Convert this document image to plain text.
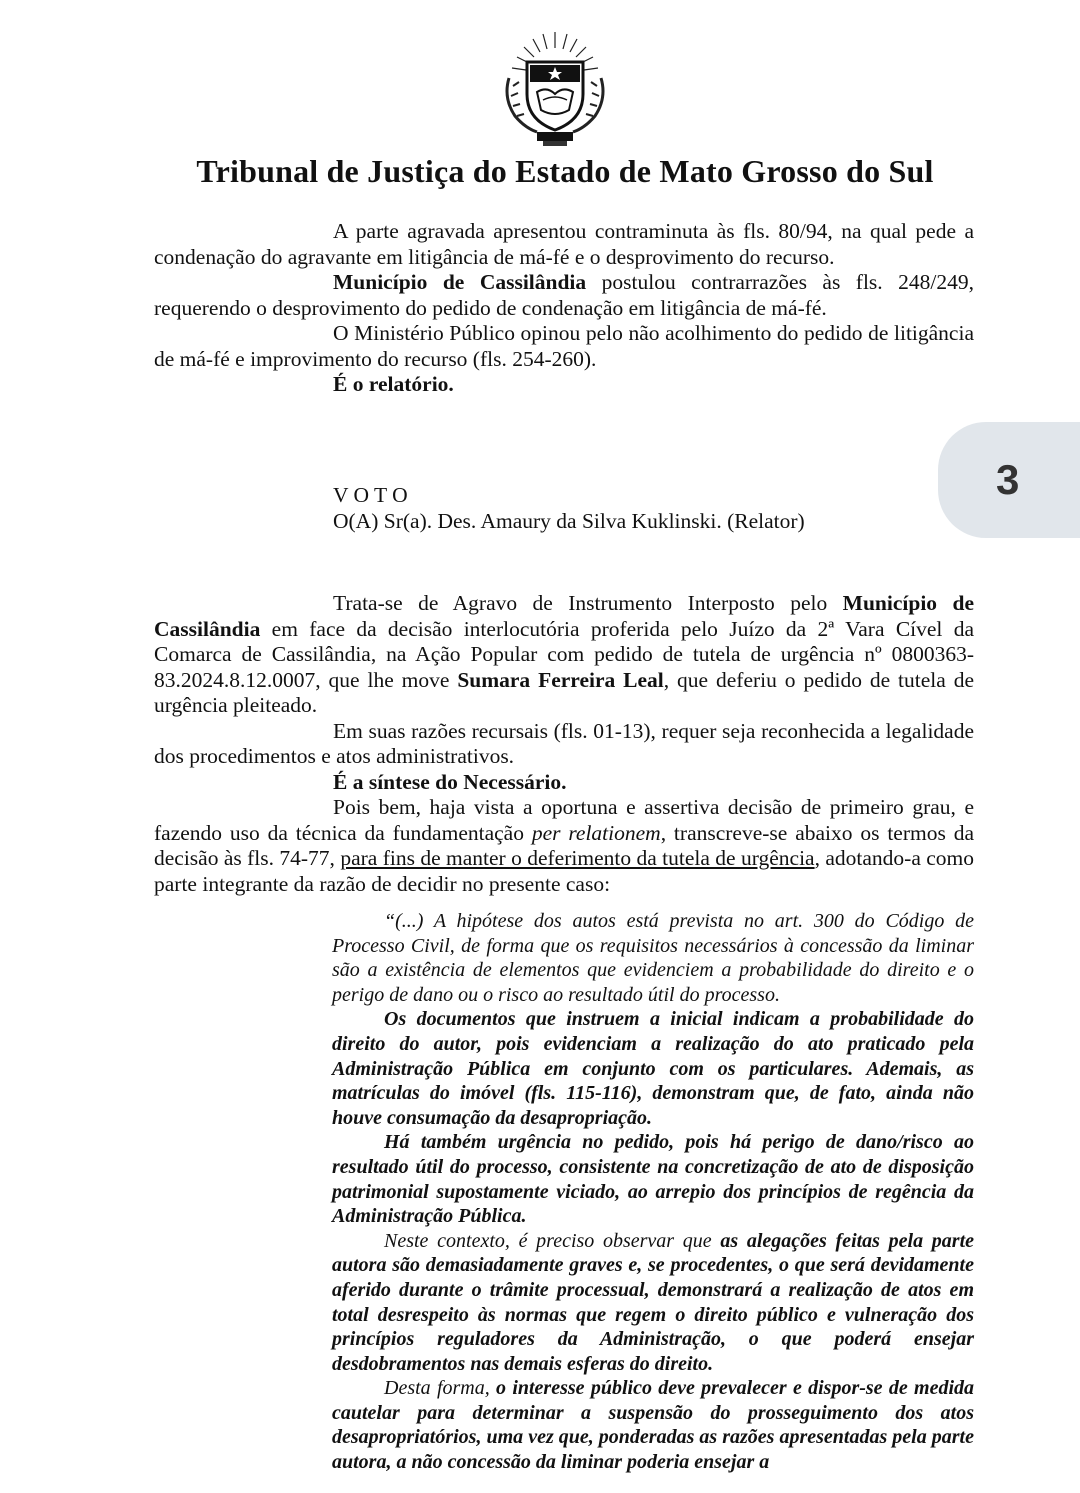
Tribunal de Justiça do Estado de Mato Grosso do Sul
3

A parte agravada apresentou contraminuta às fls. 80/94, na qual pede a condenação do agravante em litigância de má-fé e o desprovimento do recurso.

Município de Cassilândia postulou contrarrazões às fls. 248/249, requerendo o desprovimento do pedido de condenação em litigância de má-fé.

O Ministério Público opinou pelo não acolhimento do pedido de litigância de má-fé e improvimento do recurso (fls. 254-260).

É o relatório.

V O T O

O(A) Sr(a). Des. Amaury da Silva Kuklinski. (Relator)

Trata-se de Agravo de Instrumento Interposto pelo Município de Cassilândia em face da decisão interlocutória proferida pelo Juízo da 2ª Vara Cível da Comarca de Cassilândia, na Ação Popular com pedido de tutela de urgência nº 0800363-83.2024.8.12.0007, que lhe move Sumara Ferreira Leal, que deferiu o pedido de tutela de urgência pleiteado.

Em suas razões recursais (fls. 01-13), requer seja reconhecida a legalidade dos procedimentos e atos administrativos.

É a síntese do Necessário.

Pois bem, haja vista a oportuna e assertiva decisão de primeiro grau, e fazendo uso da técnica da fundamentação per relationem, transcreve-se abaixo os termos da decisão às fls. 74-77, para fins de manter o deferimento da tutela de urgência, adotando-a como parte integrante da razão de decidir no presente caso:

“(...) A hipótese dos autos está prevista no art. 300 do Código de Processo Civil, de forma que os requisitos necessários à concessão da liminar são a existência de elementos que evidenciem a probabilidade do direito e o perigo de dano ou o risco ao resultado útil do processo.

Os documentos que instruem a inicial indicam a probabilidade do direito do autor, pois evidenciam a realização do ato praticado pela Administração Pública em conjunto com os particulares. Ademais, as matrículas do imóvel (fls. 115-116), demonstram que, de fato, ainda não houve consumação da desapropriação.

Há também urgência no pedido, pois há perigo de dano/risco ao resultado útil do processo, consistente na concretização de ato de disposição patrimonial supostamente viciado, ao arrepio dos princípios de regência da Administração Pública.

Neste contexto, é preciso observar que as alegações feitas pela parte autora são demasiadamente graves e, se procedentes, o que será devidamente aferido durante o trâmite processual, demonstrará a realização de atos em total desrespeito às normas que regem o direito público e vulneração dos princípios reguladores da Administração, o que poderá ensejar desdobramentos nas demais esferas do direito.

Desta forma, o interesse público deve prevalecer e dispor-se de medida cautelar para determinar a suspensão do prosseguimento dos atos desapropriatórios, uma vez que, ponderadas as razões apresentadas pela parte autora, a não concessão da liminar poderia ensejar a
